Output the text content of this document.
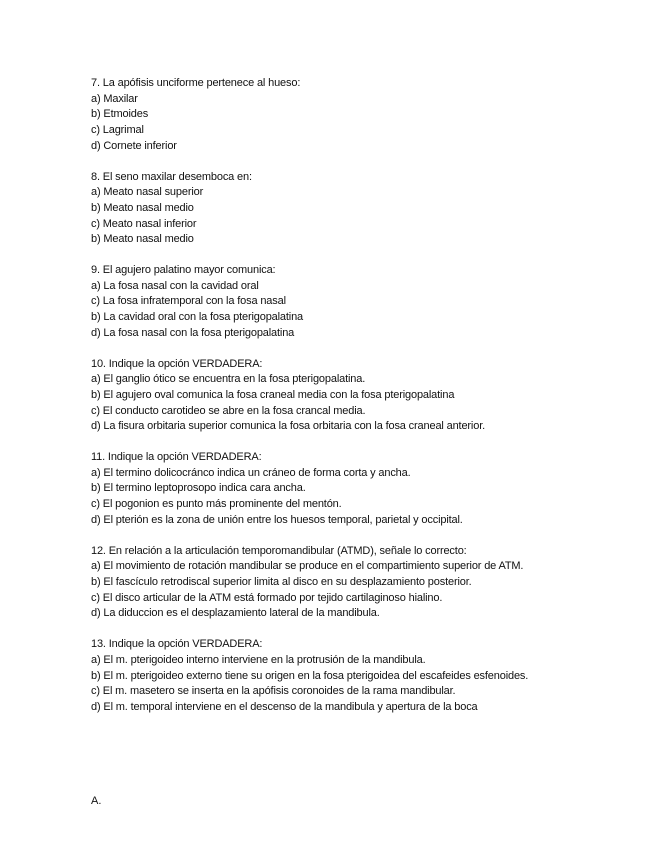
7. La apófisis unciforme pertenece al hueso:
a) Maxilar
b) Etmoides
c) Lagrimal
d) Cornete inferior
8. El seno maxilar desemboca en:
a) Meato nasal superior
b) Meato nasal medio
c) Meato nasal inferior
b) Meato nasal medio
9. El agujero palatino mayor comunica:
a) La fosa nasal con la cavidad oral
c) La fosa infratemporal con la fosa nasal
b) La cavidad oral con la fosa pterigopalatina
d) La fosa nasal con la fosa pterigopalatina
10. Indique la opción VERDADERA:
a) El ganglio ótico se encuentra en la fosa pterigopalatina.
b) El agujero oval comunica la fosa craneal media con la fosa pterigopalatina
c) El conducto carotideo se abre en la fosa crancal media.
d) La fisura orbitaria superior comunica la fosa orbitaria con la fosa craneal anterior.
11. Indique la opción VERDADERA:
a) El termino dolicocránco indica un cráneo de forma corta y ancha.
b) El termino leptoprosopo indica cara ancha.
c) El pogonion es punto más prominente del mentón.
d) El pterión es la zona de unión entre los huesos temporal, parietal y occipital.
12. En relación a la articulación temporomandibular (ATMD), señale lo correcto:
a) El movimiento de rotación mandibular se produce en el compartimiento superior de ATM.
b) El fascículo retrodiscal superior limita al disco en su desplazamiento posterior.
c) El disco articular de la ATM está formado por tejido cartilaginoso hialino.
d) La diduccion es el desplazamiento lateral de la mandibula.
13. Indique la opción VERDADERA:
a) El m. pterigoideo interno interviene en la protrusión de la mandibula.
b) El m. pterigoideo externo tiene su origen en la fosa pterigoidea del escafeides esfenoides.
c) El m. masetero se inserta en la apófisis coronoides de la rama mandibular.
d) El m. temporal interviene en el descenso de la mandibula y apertura de la boca
A.
